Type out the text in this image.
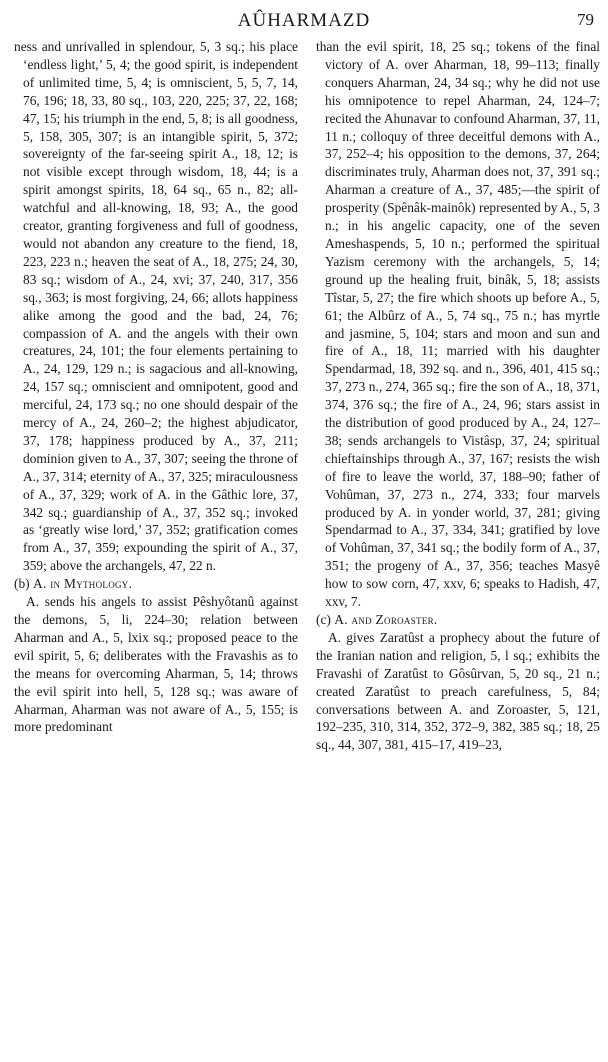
AÛHARMAZD	79

ness and unrivalled in splendour, 5, 3 sq.; his place ‘endless light,’ 5, 4; the good spirit, is independent of unlimited time, 5, 4; is omniscient, 5, 5, 7, 14, 76, 196; 18, 33, 80 sq., 103, 220, 225; 37, 22, 168; 47, 15; his triumph in the end, 5, 8; is all goodness, 5, 158, 305, 307; is an intangible spirit, 5, 372; sovereignty of the far-seeing spirit A., 18, 12; is not visible except through wisdom, 18, 44; is a spirit amongst spirits, 18, 64 sq., 65 n., 82; all-watchful and all-knowing, 18, 93; A., the good creator, granting forgiveness and full of goodness, would not abandon any creature to the fiend, 18, 223, 223 n.; heaven the seat of A., 18, 275; 24, 30, 83 sq.; wisdom of A., 24, xvi; 37, 240, 317, 356 sq., 363; is most forgiving, 24, 66; allots happiness alike among the good and the bad, 24, 76; compassion of A. and the angels with their own creatures, 24, 101; the four elements pertaining to A., 24, 129, 129 n.; is sagacious and all-knowing, 24, 157 sq.; omniscient and omnipotent, good and merciful, 24, 173 sq.; no one should despair of the mercy of A., 24, 260–2; the highest abjudicator, 37, 178; happiness produced by A., 37, 211; dominion given to A., 37, 307; seeing the throne of A., 37, 314; eternity of A., 37, 325; miraculousness of A., 37, 329; work of A. in the Gâthic lore, 37, 342 sq.; guardianship of A., 37, 352 sq.; invoked as ‘greatly wise lord,’ 37, 352; gratification comes from A., 37, 359; expounding the spirit of A., 37, 359; above the archangels, 47, 22 n.

(b) A. in Mythology.

A. sends his angels to assist Pêshyôtanû against the demons, 5, li, 224–30; relation between Aharman and A., 5, lxix sq.; proposed peace to the evil spirit, 5, 6; deliberates with the Fravashis as to the means for overcoming Aharman, 5, 14; throws the evil spirit into hell, 5, 128 sq.; was aware of Aharman, Aharman was not aware of A., 5, 155; is more predominant

than the evil spirit, 18, 25 sq.; tokens of the final victory of A. over Aharman, 18, 99–113; finally conquers Aharman, 24, 34 sq.; why he did not use his omnipotence to repel Aharman, 24, 124–7; recited the Ahunavar to confound Aharman, 37, 11, 11 n.; colloquy of three deceitful demons with A., 37, 252–4; his opposition to the demons, 37, 264; discriminates truly, Aharman does not, 37, 391 sq.; Aharman a creature of A., 37, 485;—the spirit of prosperity (Spênâk-mainôk) represented by A., 5, 3 n.; in his angelic capacity, one of the seven Ameshaspends, 5, 10 n.; performed the spiritual Yazism ceremony with the archangels, 5, 14; ground up the healing fruit, binâk, 5, 18; assists Tîstar, 5, 27; the fire which shoots up before A., 5, 61; the Albûrz of A., 5, 74 sq., 75 n.; has myrtle and jasmine, 5, 104; stars and moon and sun and fire of A., 18, 11; married with his daughter Spendarmad, 18, 392 sq. and n., 396, 401, 415 sq.; 37, 273 n., 274, 365 sq.; fire the son of A., 18, 371, 374, 376 sq.; the fire of A., 24, 96; stars assist in the distribution of good produced by A., 24, 127–38; sends archangels to Vistâsp, 37, 24; spiritual chieftainships through A., 37, 167; resists the wish of fire to leave the world, 37, 188–90; father of Vohûman, 37, 273 n., 274, 333; four marvels produced by A. in yonder world, 37, 281; giving Spendarmad to A., 37, 334, 341; gratified by love of Vohûman, 37, 341 sq.; the bodily form of A., 37, 351; the progeny of A., 37, 356; teaches Masyê how to sow corn, 47, xxv, 6; speaks to Hadish, 47, xxv, 7.

(c) A. and Zoroaster.

A. gives Zaratûst a prophecy about the future of the Iranian nation and religion, 5, l sq.; exhibits the Fravashi of Zaratûst to Gôsûrvan, 5, 20 sq., 21 n.; created Zaratûst to preach carefulness, 5, 84; conversations between A. and Zoroaster, 5, 121, 192–235, 310, 314, 352, 372–9, 382, 385 sq.; 18, 25 sq., 44, 307, 381, 415–17, 419–23,
